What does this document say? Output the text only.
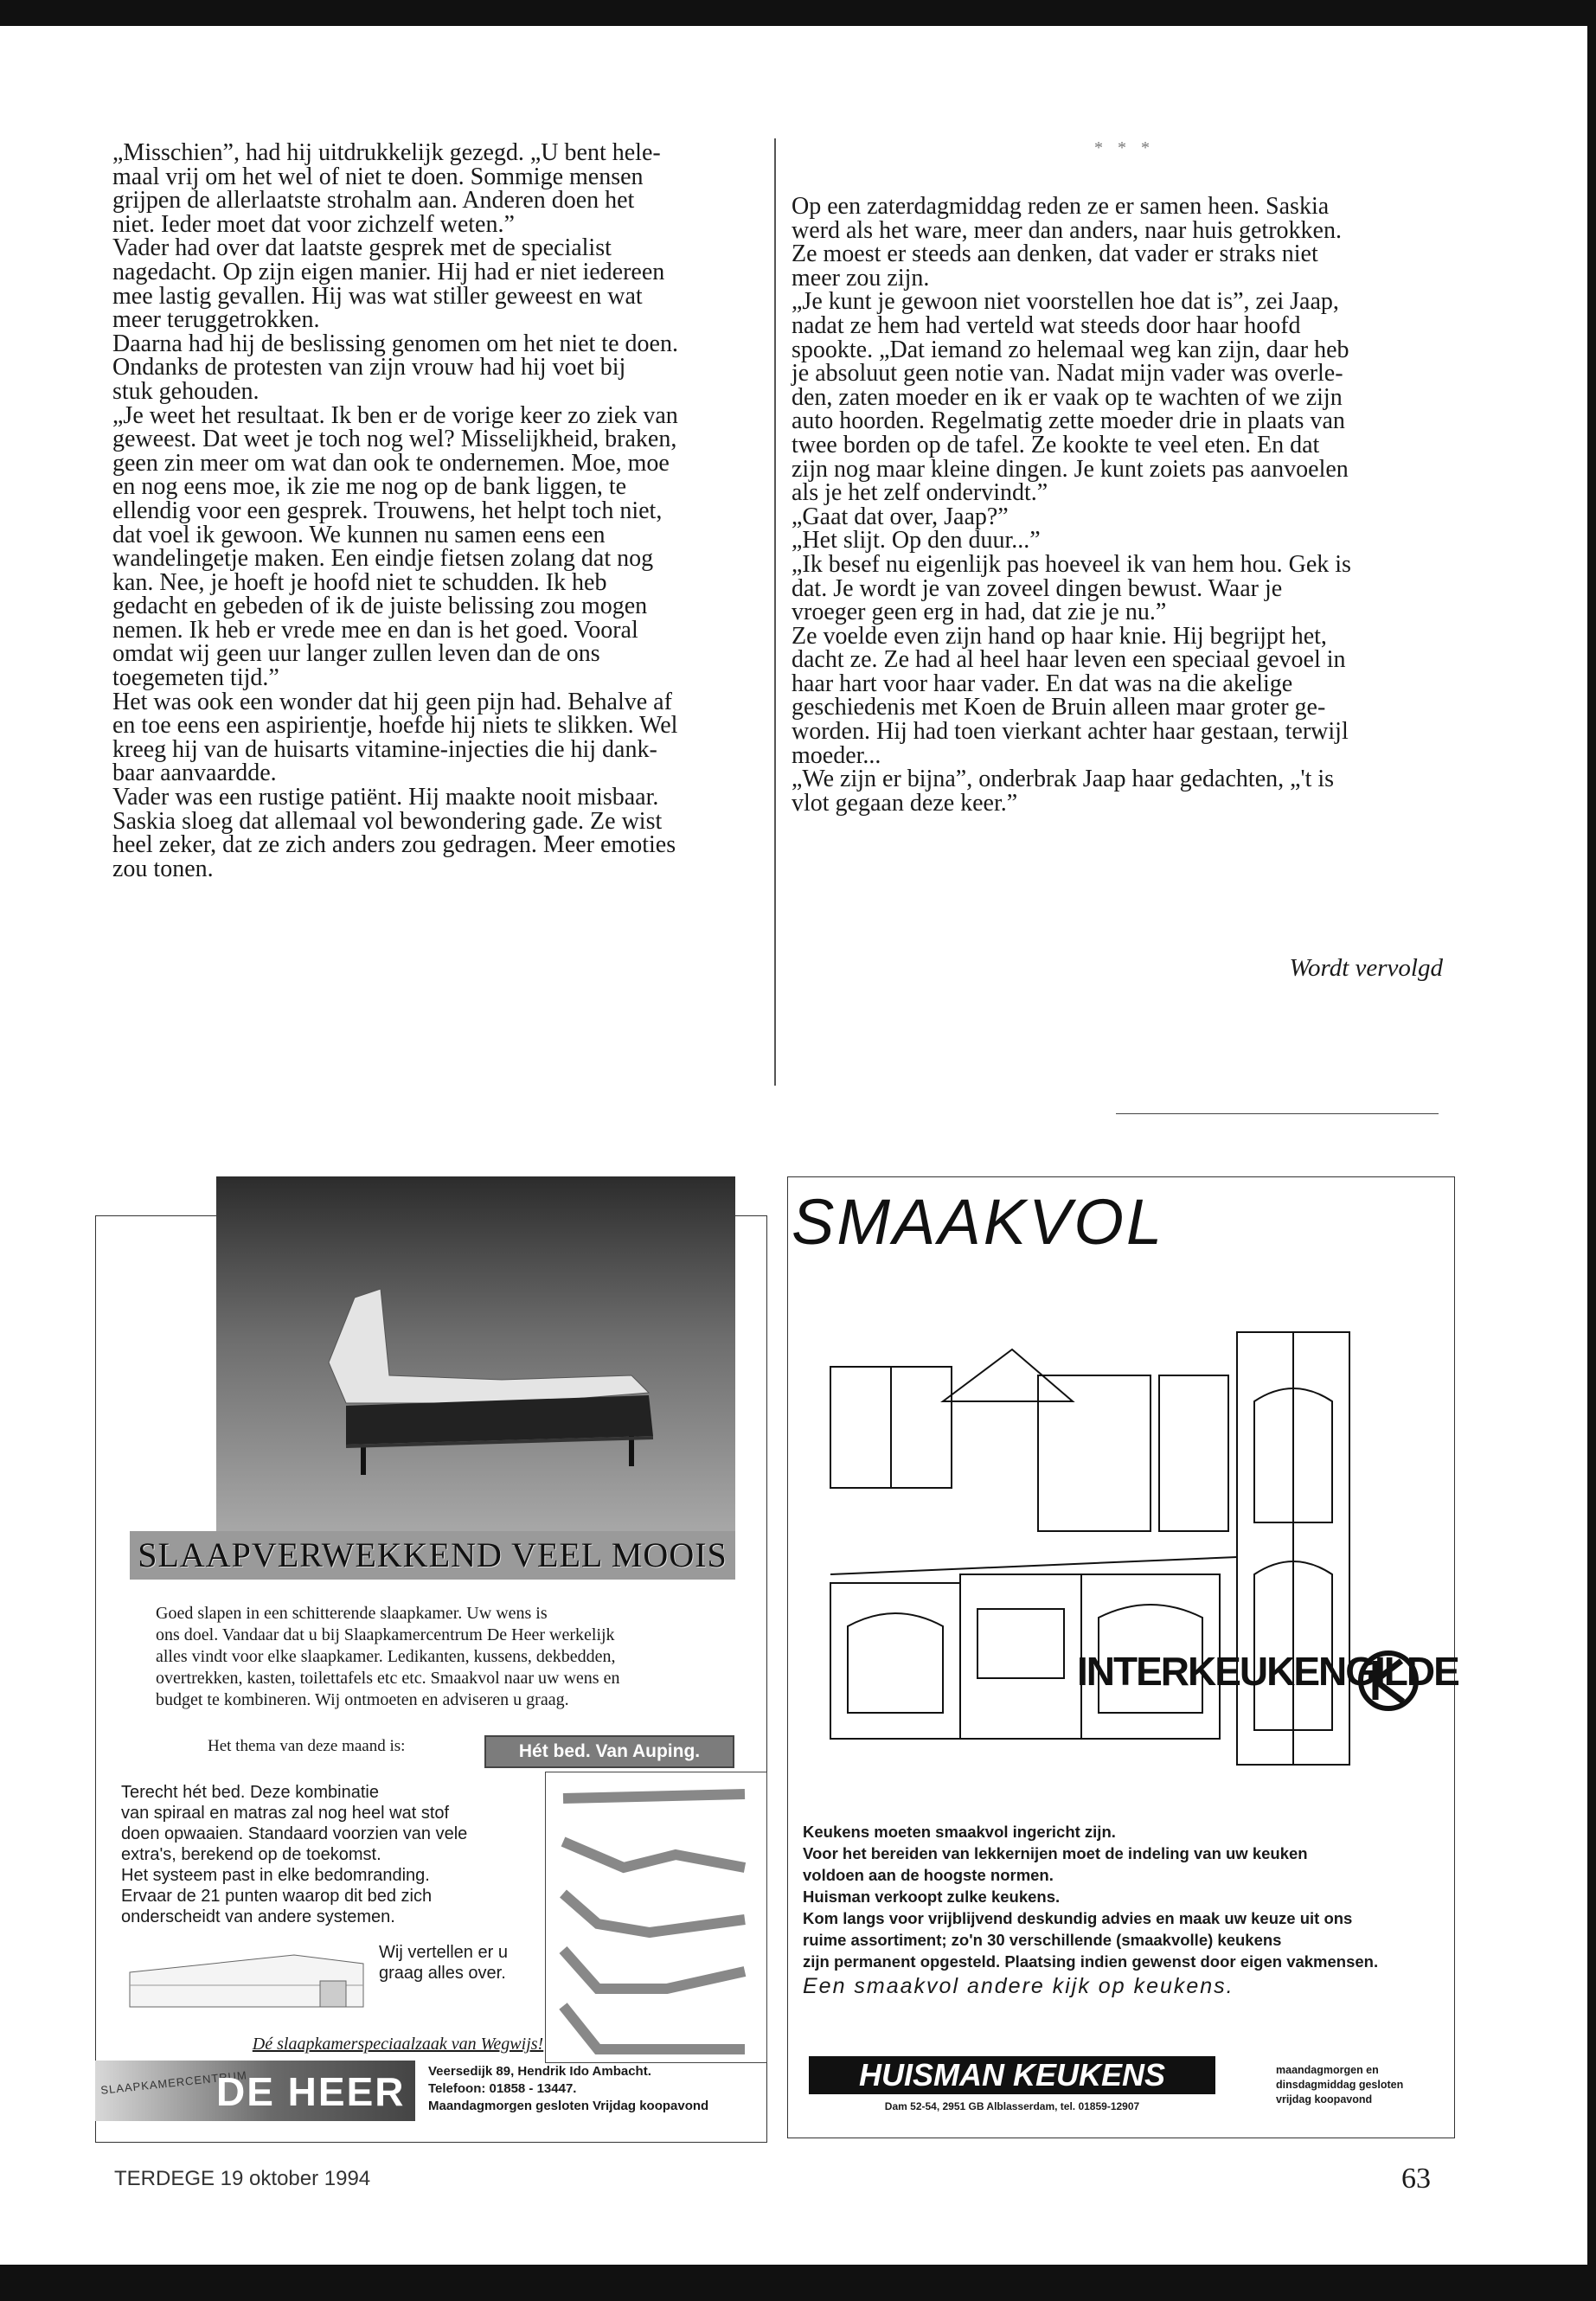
„Misschien”, had hij uitdrukkelijk gezegd. „U bent hele-

maal vrij om het wel of niet te doen. Sommige mensen

grijpen de allerlaatste strohalm aan. Anderen doen het

niet. Ieder moet dat voor zichzelf weten.”

Vader had over dat laatste gesprek met de specialist

nagedacht. Op zijn eigen manier. Hij had er niet iedereen

mee lastig gevallen. Hij was wat stiller geweest en wat

meer teruggetrokken.

Daarna had hij de beslissing genomen om het niet te doen.

Ondanks de protesten van zijn vrouw had hij voet bij

stuk gehouden.

„Je weet het resultaat. Ik ben er de vorige keer zo ziek van

geweest. Dat weet je toch nog wel? Misselijkheid, braken,

geen zin meer om wat dan ook te ondernemen. Moe, moe

en nog eens moe, ik zie me nog op de bank liggen, te

ellendig voor een gesprek. Trouwens, het helpt toch niet,

dat voel ik gewoon. We kunnen nu samen eens een

wandelingetje maken. Een eindje fietsen zolang dat nog

kan. Nee, je hoeft je hoofd niet te schudden. Ik heb

gedacht en gebeden of ik de juiste belissing zou mogen

nemen. Ik heb er vrede mee en dan is het goed. Vooral

omdat wij geen uur langer zullen leven dan de ons

toegemeten tijd.”

Het was ook een wonder dat hij geen pijn had. Behalve af

en toe eens een aspirientje, hoefde hij niets te slikken. Wel

kreeg hij van de huisarts vitamine-injecties die hij dank-

baar aanvaardde.

Vader was een rustige patiënt. Hij maakte nooit misbaar.

Saskia sloeg dat allemaal vol bewondering gade. Ze wist

heel zeker, dat ze zich anders zou gedragen. Meer emoties

zou tonen.

* * *

Op een zaterdagmiddag reden ze er samen heen. Saskia

werd als het ware, meer dan anders, naar huis getrokken.

Ze moest er steeds aan denken, dat vader er straks niet

meer zou zijn.

„Je kunt je gewoon niet voorstellen hoe dat is”, zei Jaap,

nadat ze hem had verteld wat steeds door haar hoofd

spookte. „Dat iemand zo helemaal weg kan zijn, daar heb

je absoluut geen notie van. Nadat mijn vader was overle-

den, zaten moeder en ik er vaak op te wachten of we zijn

auto hoorden. Regelmatig zette moeder drie in plaats van

twee borden op de tafel. Ze kookte te veel eten. En dat

zijn nog maar kleine dingen. Je kunt zoiets pas aanvoelen

als je het zelf ondervindt.”

„Gaat dat over, Jaap?”

„Het slijt. Op den duur...”

„Ik besef nu eigenlijk pas hoeveel ik van hem hou. Gek is

dat. Je wordt je van zoveel dingen bewust. Waar je

vroeger geen erg in had, dat zie je nu.”

Ze voelde even zijn hand op haar knie. Hij begrijpt het,

dacht ze. Ze had al heel haar leven een speciaal gevoel in

haar hart voor haar vader. En dat was na die akelige

geschiedenis met Koen de Bruin alleen maar groter ge-

worden. Hij had toen vierkant achter haar gestaan, terwijl

moeder...

„We zijn er bijna”, onderbrak Jaap haar gedachten, „'t is

vlot gegaan deze keer.”

Wordt vervolgd
SLAAPVERWEKKEND VEEL MOOIS

Goed slapen in een schitterende slaapkamer. Uw wens is

ons doel. Vandaar dat u bij Slaapkamercentrum De Heer werkelijk

alles vindt voor elke slaapkamer. Ledikanten, kussens, dekbedden,

overtrekken, kasten, toilettafels etc etc. Smaakvol naar uw wens en

budget te kombineren. Wij ontmoeten en adviseren u graag.

Het thema van deze maand is:	Hét bed. Van Auping.

Terecht hét bed. Deze kombinatie

van spiraal en matras zal nog heel wat stof

doen opwaaien. Standaard voorzien van vele

extra's, berekend op de toekomst.

Het systeem past in elke bedomranding.

Ervaar de 21 punten waarop dit bed zich

onderscheidt van andere systemen.

Wij vertellen er u

graag alles over.

Dé slaapkamerspeciaalzaak van Wegwijs!
SLAAPKAMERCENTRUM
DE HEER Veersedijk 89, Hendrik Ido Ambacht.

Telefoon: 01858 - 13447.

Maandagmorgen gesloten Vrijdag koopavond

SMAAKVOL
INTERKEUKENGILDE

Keukens moeten smaakvol ingericht zijn.

Voor het bereiden van lekkernijen moet de indeling van uw keuken

voldoen aan de hoogste normen.

Huisman verkoopt zulke keukens.

Kom langs voor vrijblijvend deskundig advies en maak uw keuze uit ons

ruime assortiment; zo'n 30 verschillende (smaakvolle) keukens

zijn permanent opgesteld. Plaatsing indien gewenst door eigen vakmensen.

Een smaakvol andere kijk op keukens.
HUISMAN KEUKENS
Dam 52-54, 2951 GB Alblasserdam, tel. 01859-12907

maandagmorgen en

dinsdagmiddag gesloten

vrijdag koopavond

TERDEGE 19 oktober 1994	63
